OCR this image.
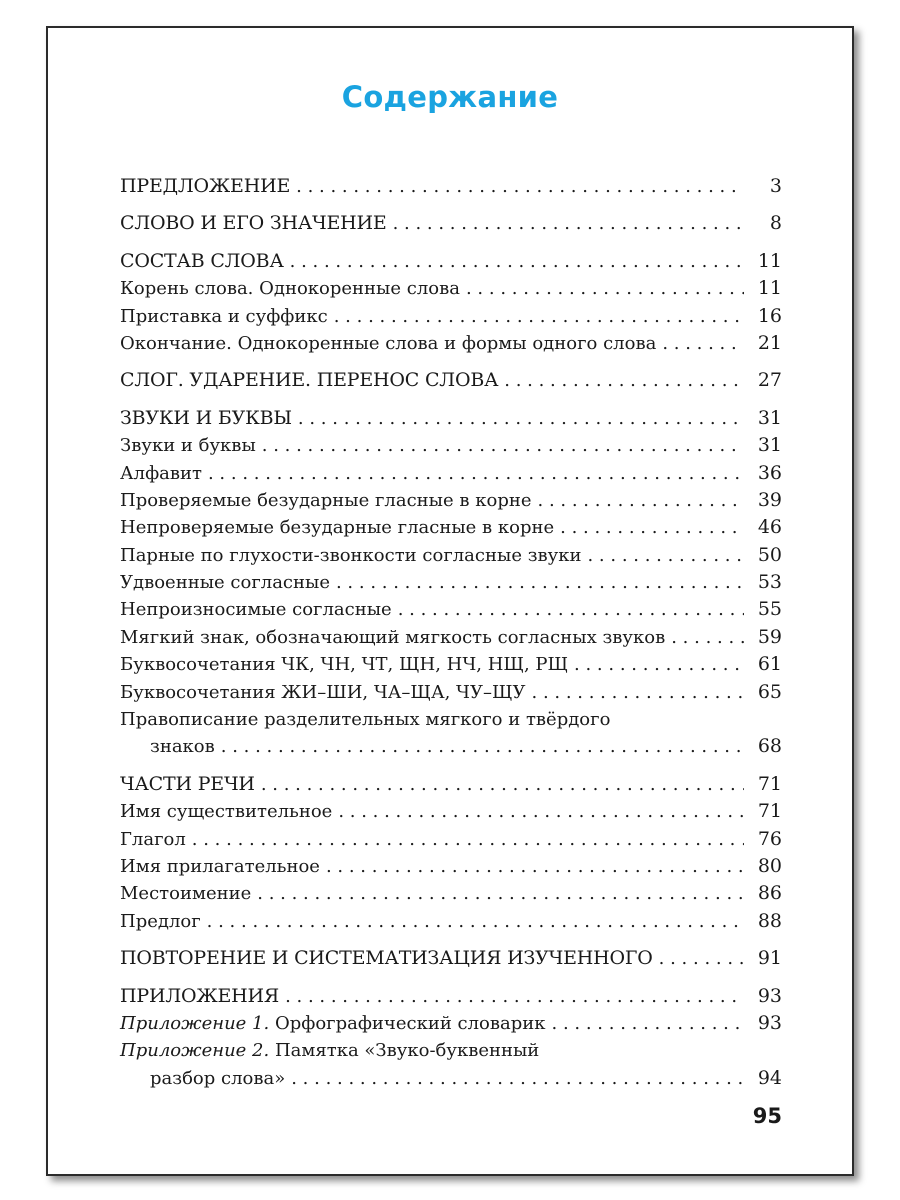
Содержание
ПРЕДЛОЖЕНИЕ . . .	3
СЛОВО И ЕГО ЗНАЧЕНИЕ . . .	8
СОСТАВ СЛОВА . . .	11
Корень слова. Однокоренные слова . . .	11
Приставка и суффикс . . .	16
Окончание. Однокоренные слова и формы одного слова . . .	21
СЛОГ. УДАРЕНИЕ. ПЕРЕНОС СЛОВА . . .	27
ЗВУКИ И БУКВЫ . . .	31
Звуки и буквы . . .	31
Алфавит . . .	36
Проверяемые безударные гласные в корне . . .	39
Непроверяемые безударные гласные в корне . . .	46
Парные по глухости-звонкости согласные звуки . . .	50
Удвоенные согласные . . .	53
Непроизносимые согласные . . .	55
Мягкий знак, обозначающий мягкость согласных звуков . . .	59
Буквосочетания ЧК, ЧН, ЧТ, ЩН, НЧ, НЩ, РЩ . . .	61
Буквосочетания ЖИ–ШИ, ЧА–ЩА, ЧУ–ЩУ . . .	65
Правописание разделительных мягкого и твёрдого
знаков . . .	68
ЧАСТИ РЕЧИ . . .	71
Имя существительное . . .	71
Глагол . . .	76
Имя прилагательное . . .	80
Местоимение . . .	86
Предлог . . .	88
ПОВТОРЕНИЕ И СИСТЕМАТИЗАЦИЯ ИЗУЧЕННОГО . . .	91
ПРИЛОЖЕНИЯ . . .	93
Приложение 1. Орфографический словарик . . .	93
Приложение 2. Памятка «Звуко-буквенный
разбор слова» . . .	94
95
